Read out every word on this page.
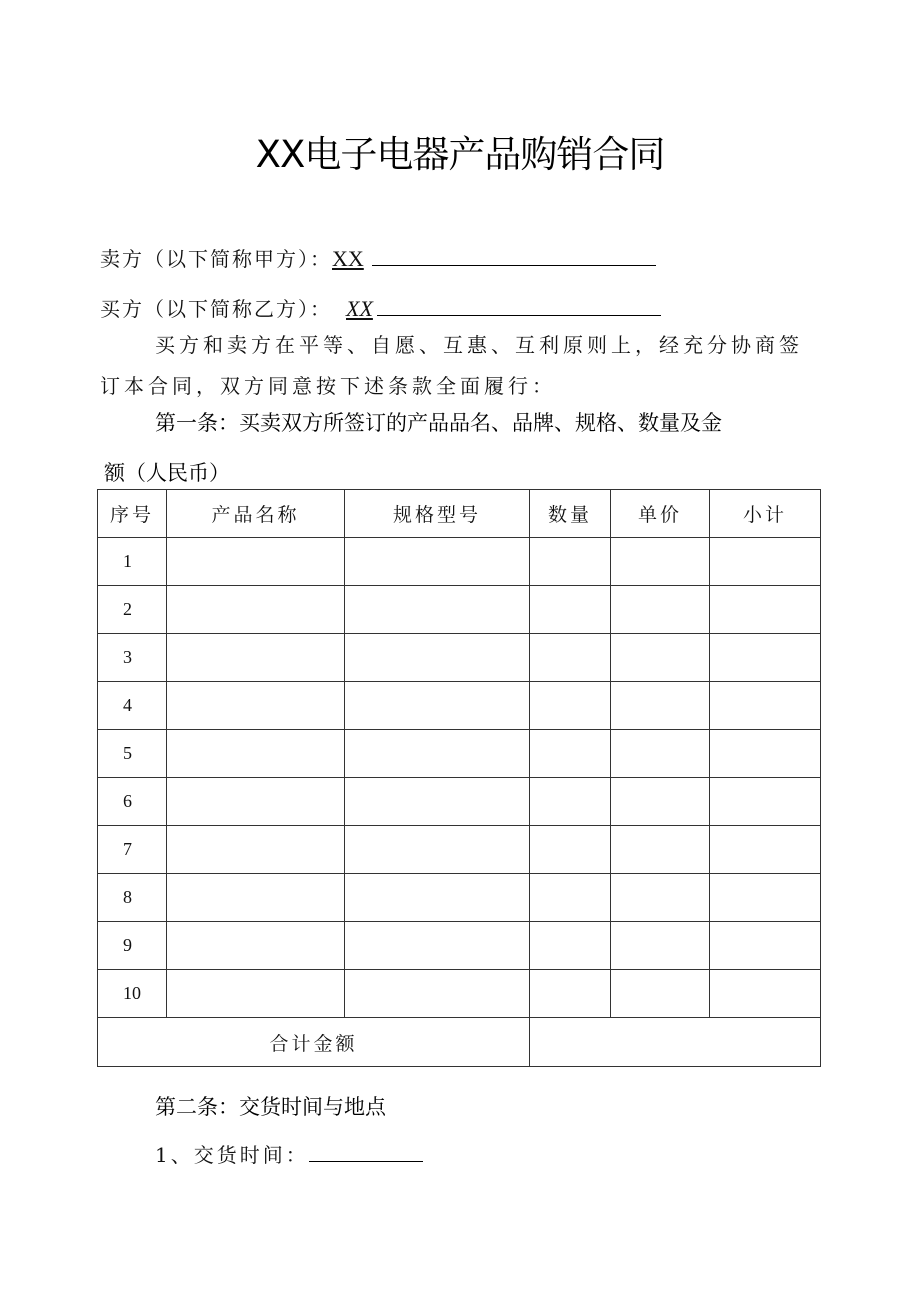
XX电子电器产品购销合同
卖方（以下简称甲方）：XX
买方（以下简称乙方）： XX
买方和卖方在平等、自愿、互惠、互利原则上，经充分协商签订本合同，双方同意按下述条款全面履行：
第一条：买卖双方所签订的产品品名、品牌、规格、数量及金
额（人民币）
序号	产品名称	规格型号	数量	单价	小计
1					
2					
3					
4					
5					
6					
7					
8					
9					
10					
合计金额					
第二条：交货时间与地点
1、交货时间：
